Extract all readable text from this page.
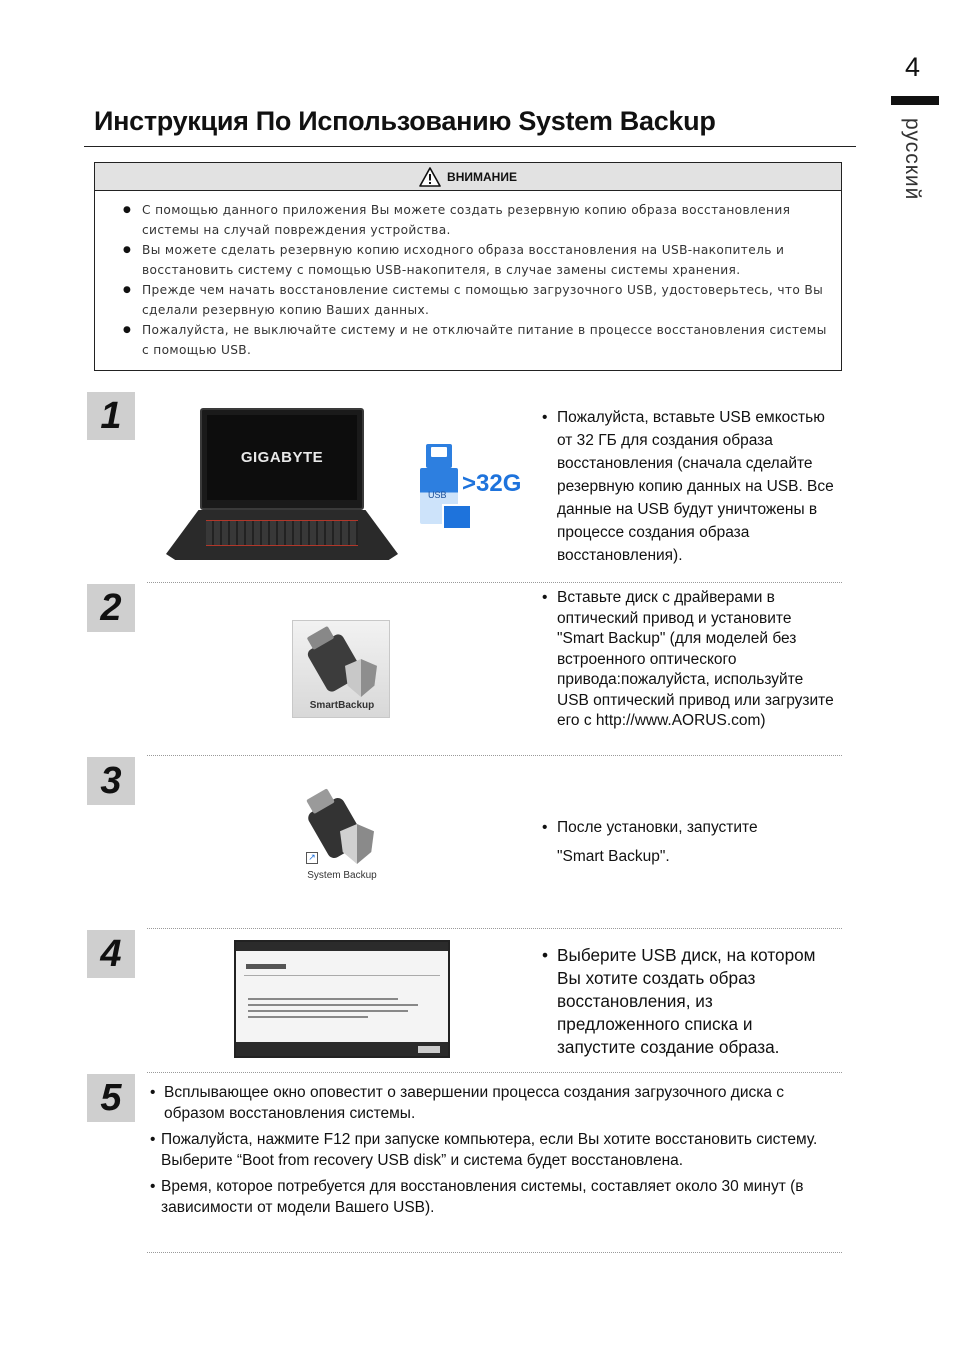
4
русский
Инструкция По Использованию System Backup
ВНИМАНИЕ
● С помощью данного приложения Вы можете создать резервную копию образа восстановления системы на случай повреждения устройства.
● Вы можете сделать резервную копию исходного образа восстановления на USB-накопитель и восстановить систему с помощью USB-накопителя, в случае замены системы хранения.
● Прежде чем начать восстановление системы с помощью загрузочного USB, удостоверьтесь, что Вы сделали резервную копию Ваших данных.
● Пожалуйста, не выключайте систему и не отключайте питание в процессе восстановления системы с помощью USB.
1
GIGABYTE
USB >32G
• Пожалуйста, вставьте USB емкостью от 32 ГБ для создания образа восстановления (сначала сделайте резервную копию данных на USB. Все данные на USB будут уничтожены в процессе создания образа восстановления).
2
SmartBackup
• Вставьте диск с драйверами в оптический привод и установите "Smart Backup" (для моделей без встроенного оптического привода:пожалуйста, используйте USB оптический привод или загрузите его с http://www.AORUS.com)
3
↗
System Backup
• После установки, запустите
"Smart Backup".
4	• Выберите USB диск, на котором Вы хотите создать образ восстановления, из предложенного списка и запустите создание образа.
5	• Всплывающее окно оповестит о завершении процесса создания загрузочного диска с образом восстановления системы.
• Пожалуйста, нажмите F12 при запуске компьютера, если Вы хотите восстановить систему. Выберите “Boot from recovery USB disk” и система будет восстановлена.
• Время, которое потребуется для восстановления системы, составляет около 30 минут (в зависимости от модели Вашего USB).
